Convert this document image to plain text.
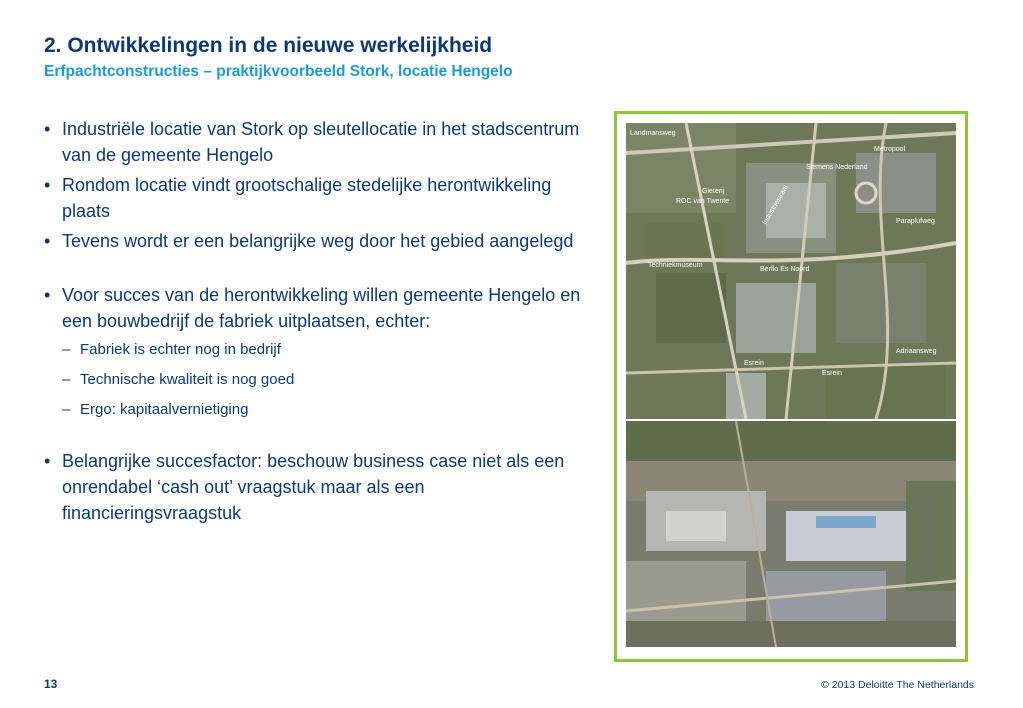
2. Ontwikkelingen in de nieuwe werkelijkheid
Erfpachtconstructies – praktijkvoorbeeld Stork, locatie Hengelo
• Industriële locatie van Stork op sleutellocatie in het stadscentrum van de gemeente Hengelo
• Rondom locatie vindt grootschalige stedelijke herontwikkeling plaats
• Tevens wordt er een belangrijke weg door het gebied aangelegd
• Voor succes van de herontwikkeling willen gemeente Hengelo en een bouwbedrijf de fabriek uitplaatsen, echter:
– Fabriek is echter nog in bedrijf
– Technische kwaliteit is nog goed
– Ergo: kapitaalvernietiging
• Belangrijke succesfactor: beschouw business case niet als een onrendabel ‘cash out’ vraagstuk maar als een financieringsvraagstuk
Landmansweg
Metropool
Siemens Nederland
ROC van Twente
Gieterij
Techniekmuseum
Berflo Es Noord
Esrein
Esrein
Industriestraat	Paraplufweg
Adriaansweg
13	© 2013 Deloitte The Netherlands
